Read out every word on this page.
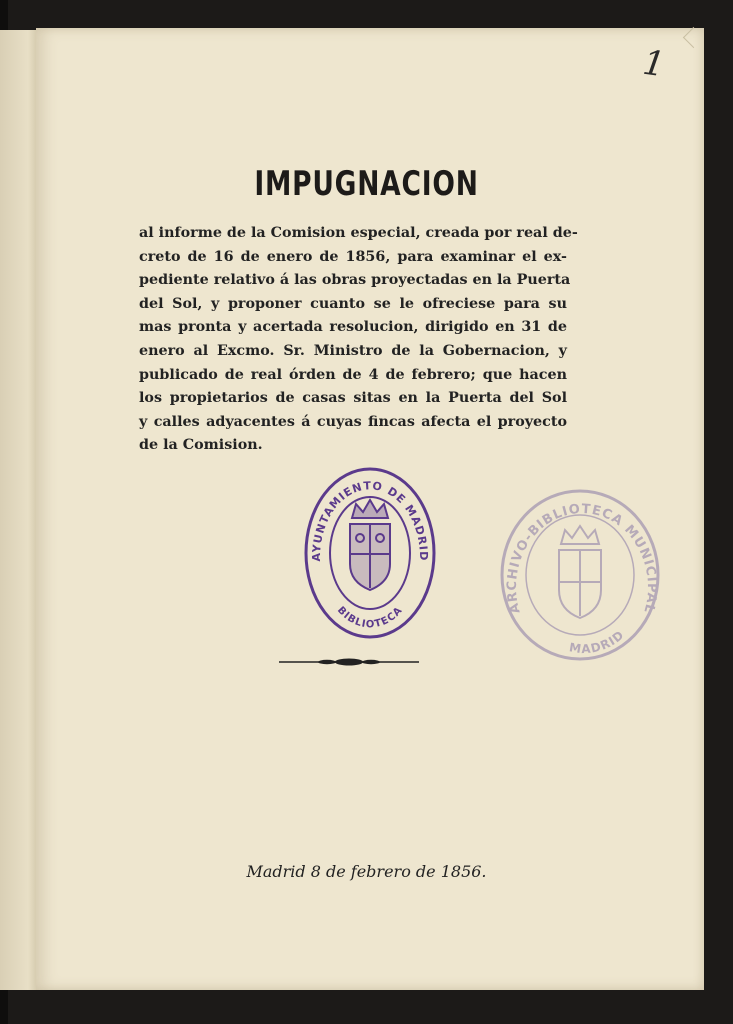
1
IMPUGNACION
al informe de la Comision especial, creada por real de-
creto de 16 de enero de 1856, para examinar el ex-
pediente relativo á las obras proyectadas en la Puerta
del Sol, y proponer cuanto se le ofreciese para su
mas pronta y acertada resolucion, dirigido en 31 de
enero al Excmo. Sr. Ministro de la Gobernacion, y
publicado de real órden de 4 de febrero; que hacen
los propietarios de casas sitas en la Puerta del Sol
y calles adyacentes á cuyas fincas afecta el proyecto
de la Comision.
AYUNTAMIENTO DE MADRID
BIBLIOTECA	ARCHIVO-BIBLIOTECA MUNICIPAL
MADRID
Madrid 8 de febrero de 1856.
